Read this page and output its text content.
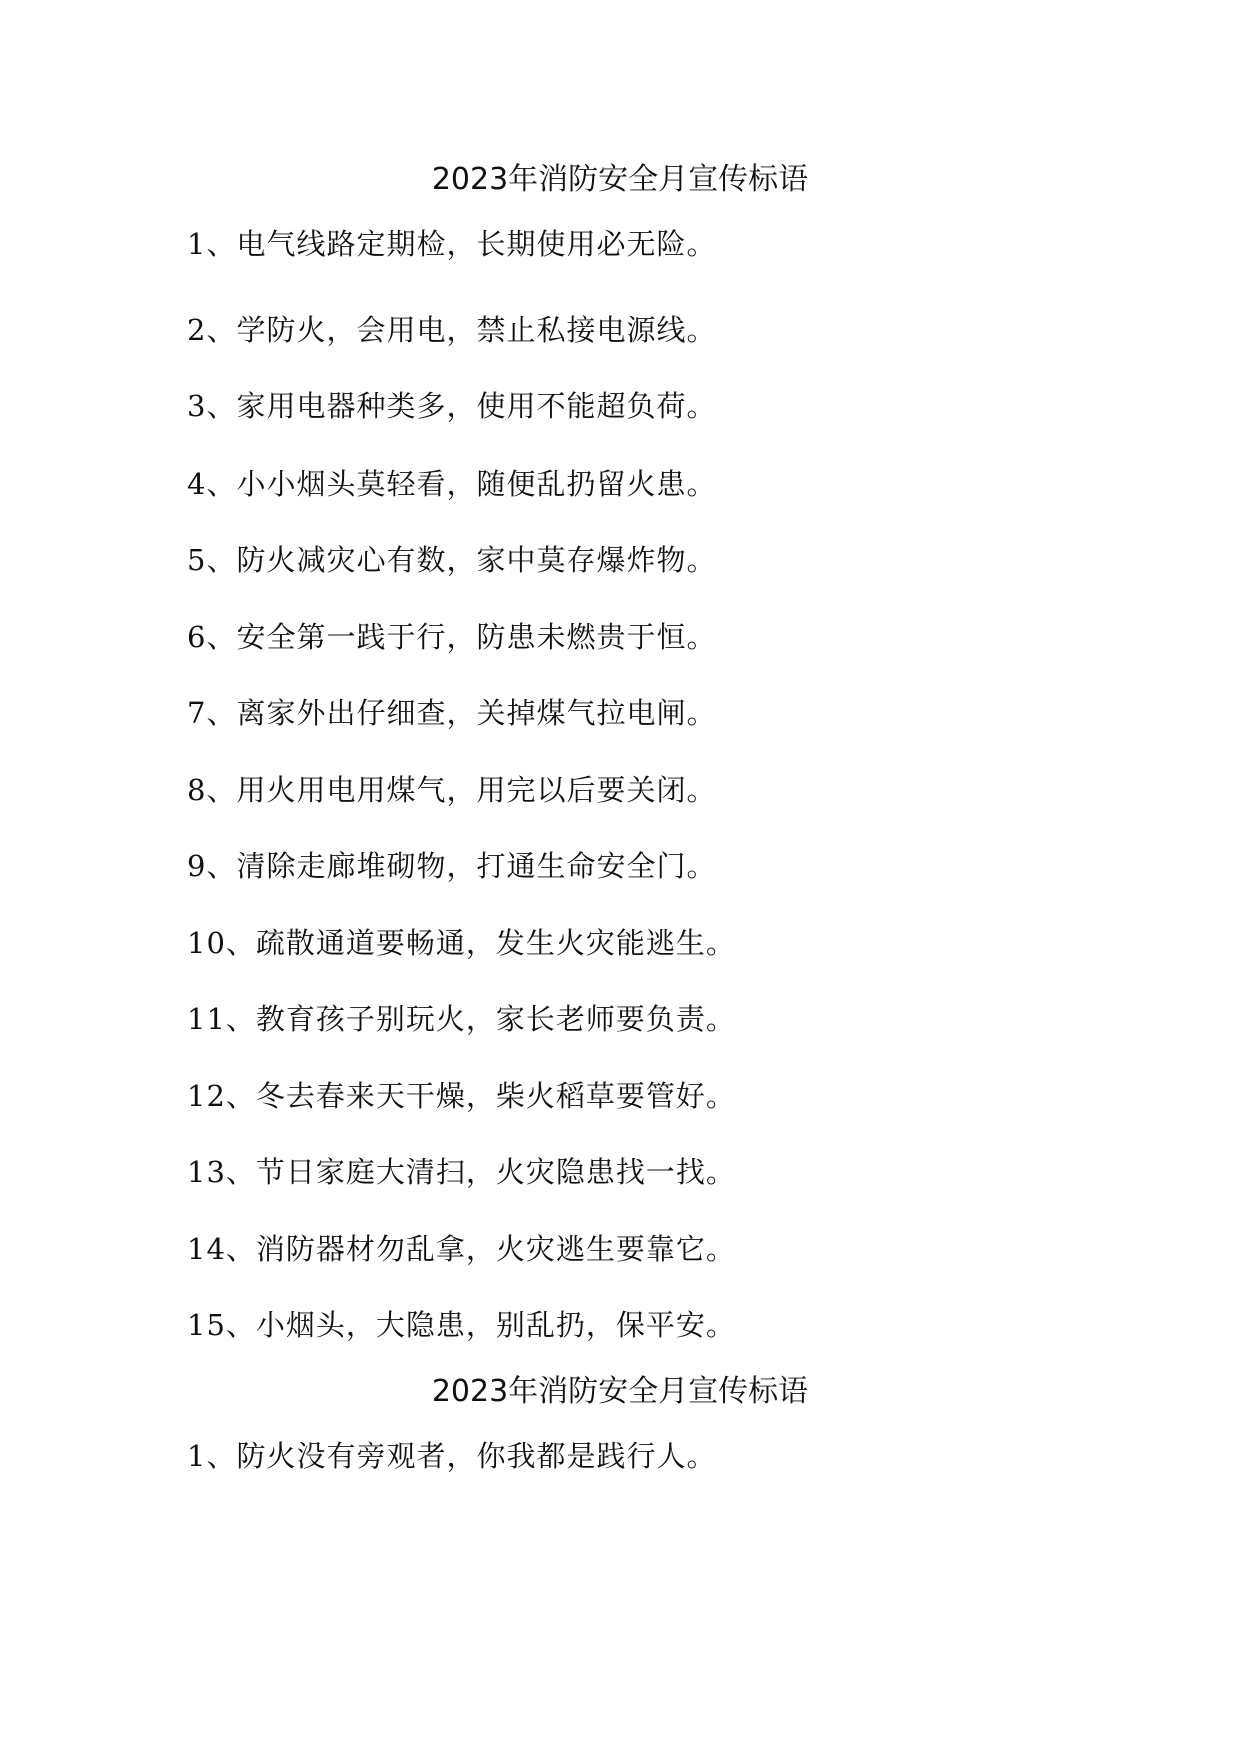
2023年消防安全月宣传标语
1、电气线路定期检，长期使用必无险。
2、学防火，会用电，禁止私接电源线。
3、家用电器种类多，使用不能超负荷。
4、小小烟头莫轻看，随便乱扔留火患。
5、防火减灾心有数，家中莫存爆炸物。
6、安全第一践于行，防患未燃贵于恒。
7、离家外出仔细查，关掉煤气拉电闸。
8、用火用电用煤气，用完以后要关闭。
9、清除走廊堆砌物，打通生命安全门。
10、疏散通道要畅通，发生火灾能逃生。
11、教育孩子别玩火，家长老师要负责。
12、冬去春来天干燥，柴火稻草要管好。
13、节日家庭大清扫，火灾隐患找一找。
14、消防器材勿乱拿，火灾逃生要靠它。
15、小烟头，大隐患，别乱扔，保平安。
2023年消防安全月宣传标语
1、防火没有旁观者，你我都是践行人。
